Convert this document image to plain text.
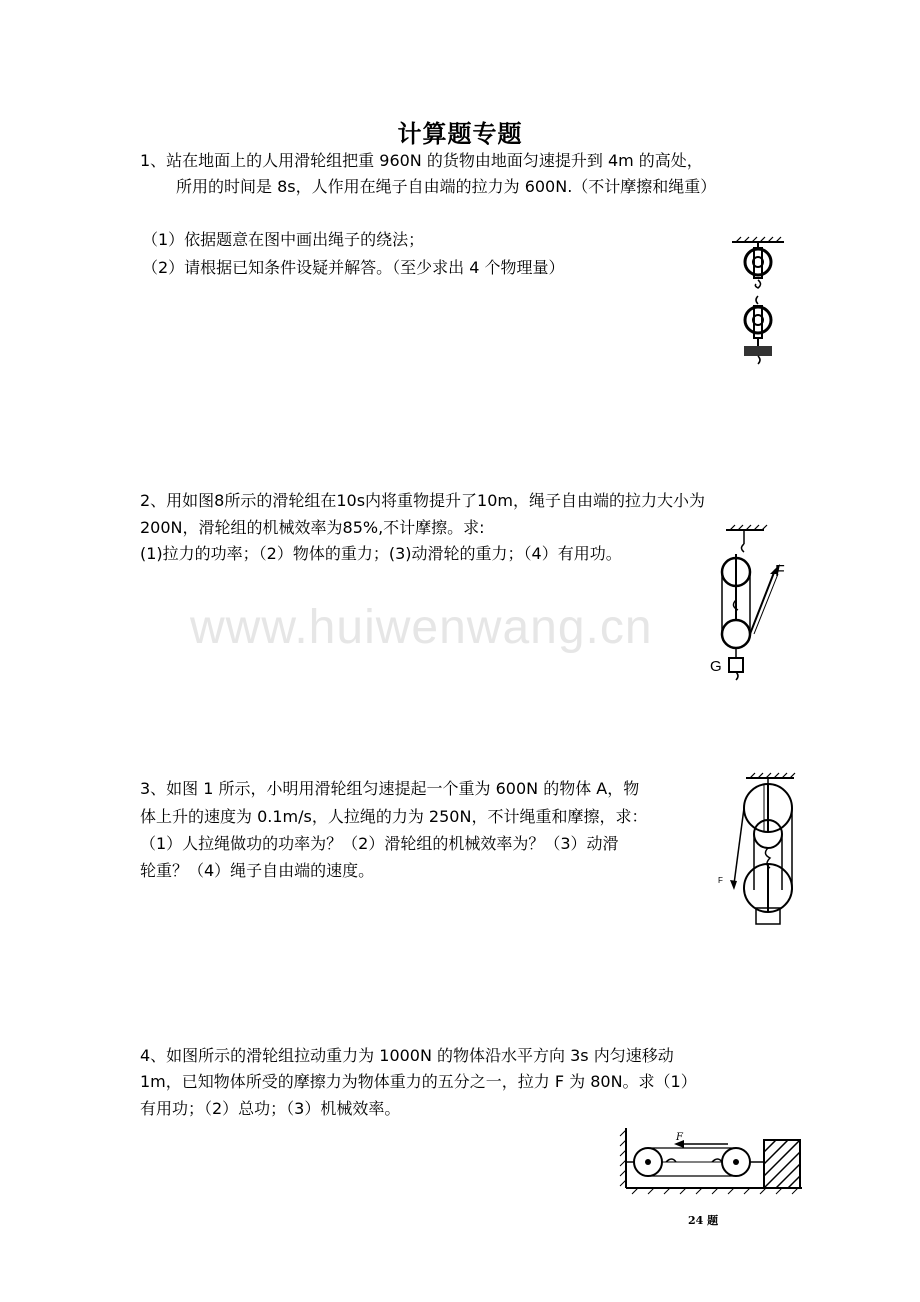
www.huiwenwang.cn
计算题专题
1、站在地面上的人用滑轮组把重 960N 的货物由地面匀速提升到 4m 的高处，
所用的时间是 8s，人作用在绳子自由端的拉力为 600N.（不计摩擦和绳重）
（1）依据题意在图中画出绳子的绕法；
（2）请根据已知条件设疑并解答。（至少求出 4 个物理量）
2、用如图8所示的滑轮组在10s内将重物提升了10m，绳子自由端的拉力大小为
200N，滑轮组的机械效率为85%,不计摩擦。求:
(1)拉力的功率；（2）物体的重力；(3)动滑轮的重力；（4）有用功。
F
G
3、如图 1 所示，小明用滑轮组匀速提起一个重为 600N 的物体 A，物
体上升的速度为 0.1m/s，人拉绳的力为 250N，不计绳重和摩擦，求：
（1）人拉绳做功的功率为？（2）滑轮组的机械效率为？（3）动滑
轮重？（4）绳子自由端的速度。
F
4、如图所示的滑轮组拉动重力为 1000N 的物体沿水平方向 3s 内匀速移动
1m，已知物体所受的摩擦力为物体重力的五分之一，拉力 F 为 80N。求（1）
有用功；（2）总功；（3）机械效率。
F
24 题
